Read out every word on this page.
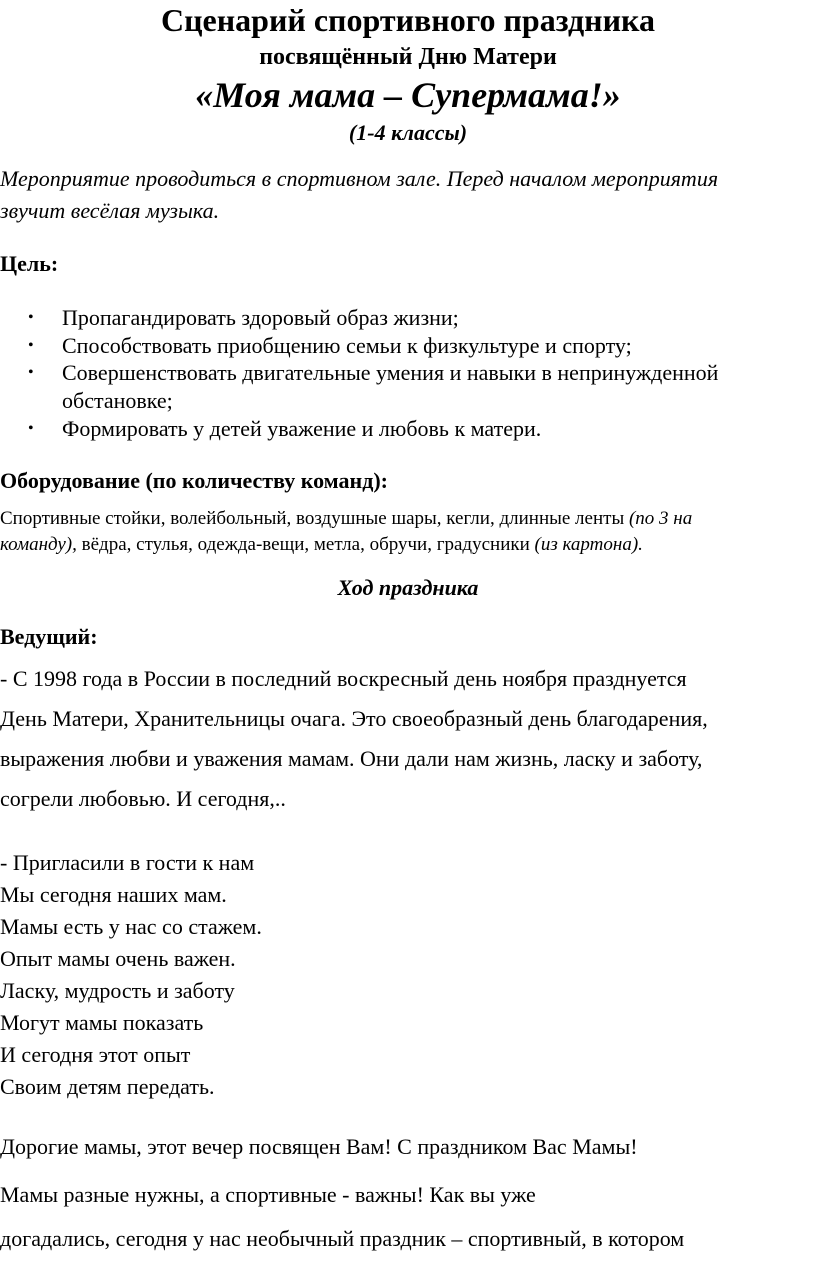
Сценарий спортивного праздника

посвящённый Дню Матери

«Моя мама – Супермама!»

(1-4 классы)

Мероприятие проводиться в спортивном зале. Перед началом мероприятия

звучит весёлая музыка.

Цель:

• Пропагандировать здоровый образ жизни;
• Способствовать приобщению семьи к физкультуре и спорту;
• Совершенствовать двигательные умения и навыки в непринужденной
обстановке;
• Формировать у детей уважение и любовь к матери.

Оборудование (по количеству команд):

Спортивные стойки, волейбольный, воздушные шары, кегли, длинные ленты (по 3 на

команду), вёдра, стулья, одежда-вещи, метла, обручи, градусники (из картона).

Ход праздника

Ведущий:

- С 1998 года в России в последний воскресный день ноября празднуется

День Матери, Хранительницы очага. Это своеобразный день благодарения,

выражения любви и уважения мамам. Они дали нам жизнь, ласку и заботу,

согрели любовью. И сегодня,..

- Пригласили в гости к нам

Мы сегодня наших мам.

Мамы есть у нас со стажем.

Опыт мамы очень важен.

Ласку, мудрость и заботу

Могут мамы показать

И сегодня этот опыт

Своим детям передать.

Дорогие мамы, этот вечер посвящен Вам! С праздником Вас Мамы!

Мамы разные нужны, а спортивные - важны! Как вы уже

догадались, сегодня у нас необычный праздник – спортивный, в котором
